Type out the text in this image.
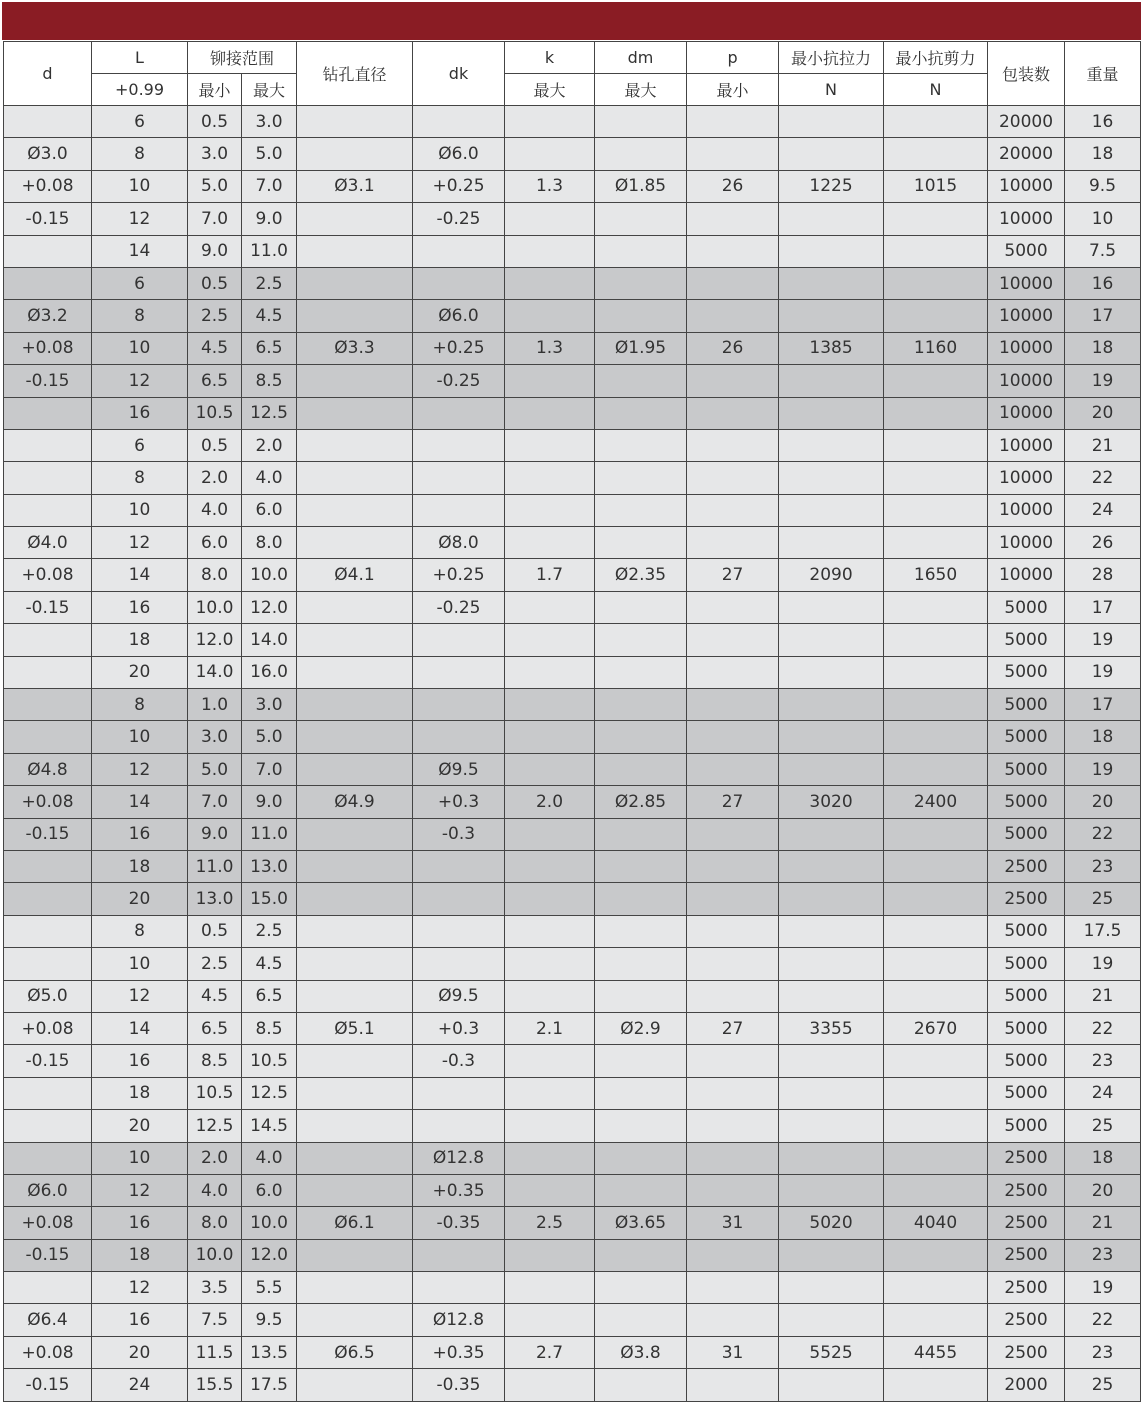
d	L	铆接范围		钻孔直径	dk	k	dm	p	最小抗拉力	最小抗剪力	包装数	重量
	+0.99	最小	最大			最大	最大	最小	N	N		
	6	0.5	3.0								20000	16
Ø3.0	8	3.0	5.0		Ø6.0						20000	18
+0.08	10	5.0	7.0	Ø3.1	+0.25	1.3	Ø1.85	26	1225	1015	10000	9.5
-0.15	12	7.0	9.0		-0.25						10000	10
	14	9.0	11.0								5000	7.5
	6	0.5	2.5								10000	16
Ø3.2	8	2.5	4.5		Ø6.0						10000	17
+0.08	10	4.5	6.5	Ø3.3	+0.25	1.3	Ø1.95	26	1385	1160	10000	18
-0.15	12	6.5	8.5		-0.25						10000	19
	16	10.5	12.5								10000	20
	6	0.5	2.0								10000	21
	8	2.0	4.0								10000	22
	10	4.0	6.0								10000	24
Ø4.0	12	6.0	8.0		Ø8.0						10000	26
+0.08	14	8.0	10.0	Ø4.1	+0.25	1.7	Ø2.35	27	2090	1650	10000	28
-0.15	16	10.0	12.0		-0.25						5000	17
	18	12.0	14.0								5000	19
	20	14.0	16.0								5000	19
	8	1.0	3.0								5000	17
	10	3.0	5.0								5000	18
Ø4.8	12	5.0	7.0		Ø9.5						5000	19
+0.08	14	7.0	9.0	Ø4.9	+0.3	2.0	Ø2.85	27	3020	2400	5000	20
-0.15	16	9.0	11.0		-0.3						5000	22
	18	11.0	13.0								2500	23
	20	13.0	15.0								2500	25
	8	0.5	2.5								5000	17.5
	10	2.5	4.5								5000	19
Ø5.0	12	4.5	6.5		Ø9.5						5000	21
+0.08	14	6.5	8.5	Ø5.1	+0.3	2.1	Ø2.9	27	3355	2670	5000	22
-0.15	16	8.5	10.5		-0.3						5000	23
	18	10.5	12.5								5000	24
	20	12.5	14.5								5000	25
	10	2.0	4.0		Ø12.8						2500	18
Ø6.0	12	4.0	6.0		+0.35						2500	20
+0.08	16	8.0	10.0	Ø6.1	-0.35	2.5	Ø3.65	31	5020	4040	2500	21
-0.15	18	10.0	12.0								2500	23
	12	3.5	5.5								2500	19
Ø6.4	16	7.5	9.5		Ø12.8						2500	22
+0.08	20	11.5	13.5	Ø6.5	+0.35	2.7	Ø3.8	31	5525	4455	2500	23
-0.15	24	15.5	17.5		-0.35						2000	25
